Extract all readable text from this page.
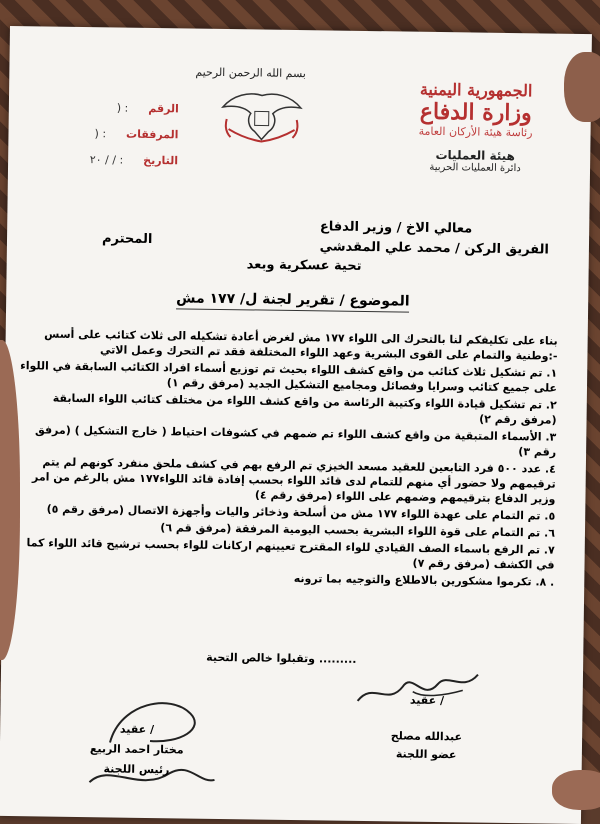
بسم الله الرحمن الرحيم
الجمهورية اليمنية
وزارة الدفاع
رئاسة هيئة الأركان العامة
هيئة العمليات
دائرة العمليات الحربية
الرقم: (
المرفقات: (
التاريخ: / / ٢٠
معالي الاخ / وزير الدفاع
الفريق الركن / محمد علي المقدشي
المحترم
تحية عسكرية وبعد
الموضوع / تقرير لجنة ل/ ١٧٧ مش

بناء على تكليفكم لنا بالتحرك الى اللواء ١٧٧ مش لغرض أعادة تشكيله الى ثلاث كتائب على أسس وطنية والتمام على القوى البشرية وعهد اللواء المختلفة فقد تم التحرك وعمل الاتي:-

١. تم تشكيل ثلاث كتائب من واقع كشف اللواء بحيث تم توزيع أسماء افراد الكتائب السابقة في اللواء على جميع كتائب وسرايا وفصائل ومجاميع التشكيل الجديد (مرفق رقم ١)

٢. تم تشكيل قيادة اللواء وكتيبة الرئاسة من واقع كشف اللواء من مختلف كتائب اللواء السابقة (مرفق رقم ٢)

٣. الأسماء المتبقية من واقع كشف اللواء تم ضمهم في كشوفات احتياط ( خارج التشكيل ) (مرفق رقم ٣)

٤. عدد ٥٠٠ فرد التابعين للعقيد مسعد الخيزي تم الرفع بهم في كشف ملحق منفرد كونهم لم يتم ترقيمهم ولا حضور أي منهم للتمام لدى قائد اللواء بحسب إفادة قائد اللواء١٧٧ مش بالرغم من امر وزير الدفاع بترقيمهم وضمهم على اللواء (مرفق رقم ٤)

٥. تم التمام على عهدة اللواء ١٧٧ مش من أسلحة وذخائر واليات وأجهزة الاتصال (مرفق رقم ٥)

٦. تم التمام على قوة اللواء البشرية بحسب اليومية المرفقة (مرفق قم ٦)

٧. تم الرفع باسماء الصف القيادي للواء المقترح تعيينهم اركانات للواء بحسب ترشيح قائد اللواء كما في الكشف (مرفق رقم ٧)

٨. تكرموا مشكورين بالاطلاع والتوجيه بما ترونه .

وتقبلوا خالص التحية .........
عقيد /
عبدالله مصلح
عضو اللجنة
عقيد /
مختار احمد الربيع
رئيس اللجنة
